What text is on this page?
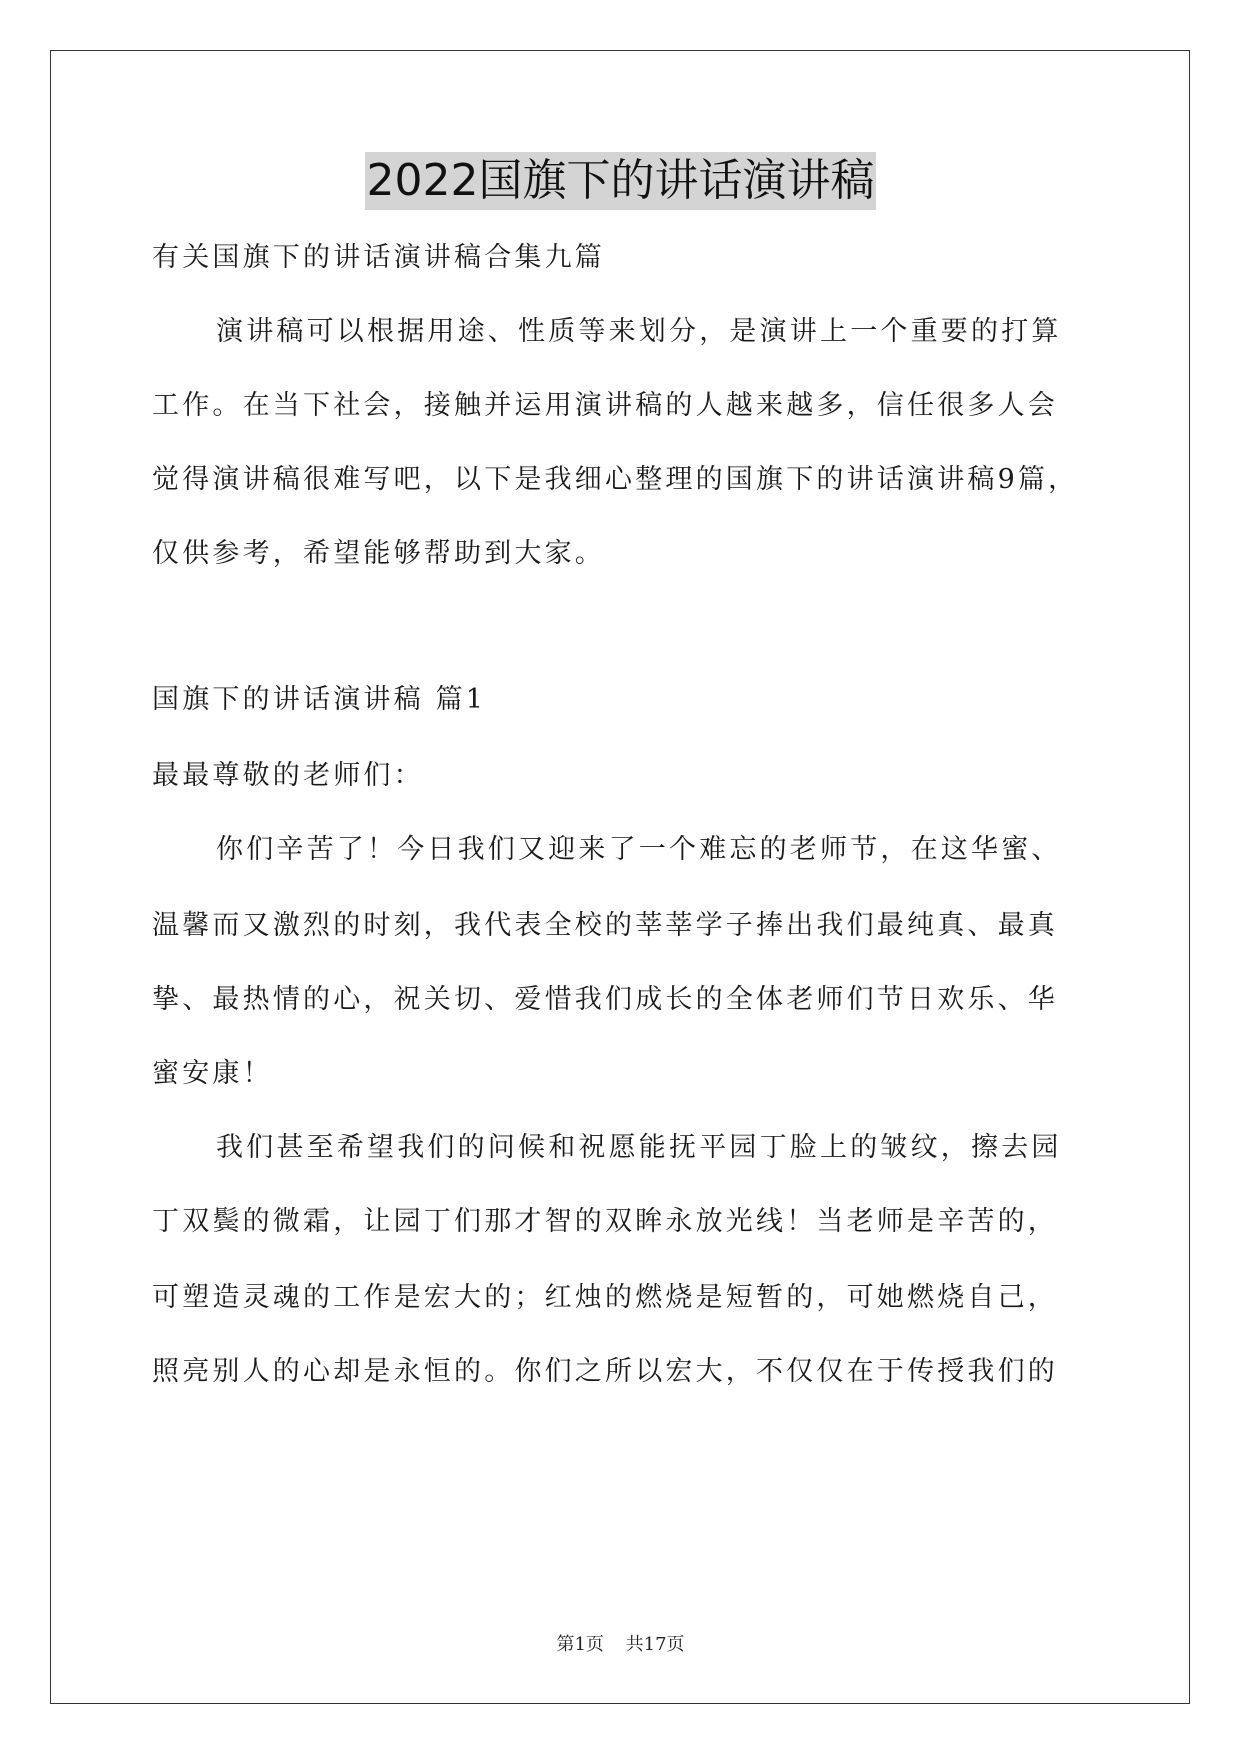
2022国旗下的讲话演讲稿
有关国旗下的讲话演讲稿合集九篇
演讲稿可以根据用途、性质等来划分，是演讲上一个重要的打算
工作。在当下社会，接触并运用演讲稿的人越来越多，信任很多人会
觉得演讲稿很难写吧，以下是我细心整理的国旗下的讲话演讲稿9篇，
仅供参考，希望能够帮助到大家。
国旗下的讲话演讲稿 篇1
最最尊敬的老师们：
你们辛苦了！今日我们又迎来了一个难忘的老师节，在这华蜜、
温馨而又激烈的时刻，我代表全校的莘莘学子捧出我们最纯真、最真
挚、最热情的心，祝关切、爱惜我们成长的全体老师们节日欢乐、华
蜜安康！
我们甚至希望我们的问候和祝愿能抚平园丁脸上的皱纹，擦去园
丁双鬓的微霜，让园丁们那才智的双眸永放光线！当老师是辛苦的，
可塑造灵魂的工作是宏大的；红烛的燃烧是短暂的，可她燃烧自己，
照亮别人的心却是永恒的。你们之所以宏大，不仅仅在于传授我们的
第1页 共17页
